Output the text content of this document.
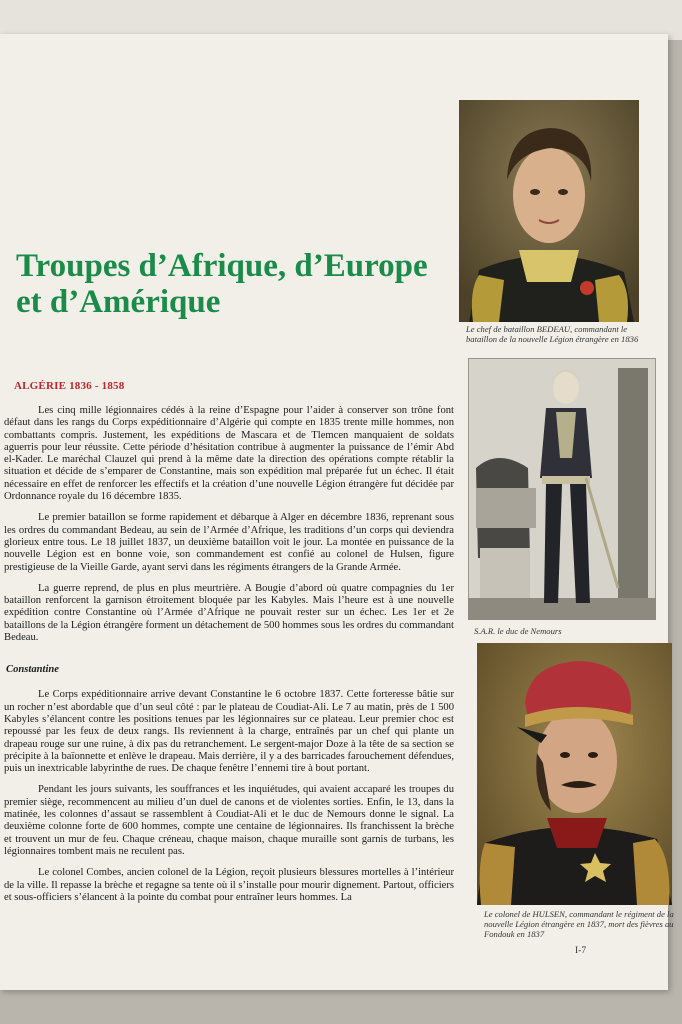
Troupes d’Afrique, d’Europe et d’Amérique
ALGÉRIE 1836 - 1858

Les cinq mille légionnaires cédés à la reine d’Espagne pour l’aider à conserver son trône font défaut dans les rangs du Corps expéditionnaire d’Algérie qui compte en 1835 trente mille hommes, non combattants compris. Justement, les expéditions de Mascara et de Tlemcen manquaient de soldats aguerris pour leur réussite. Cette période d’hésitation contribue à augmenter la puissance de l’émir Abd el-Kader. Le maréchal Clauzel qui prend à la même date la direction des opérations compte rétablir la situation et décide de s’emparer de Constantine, mais son expédition mal préparée fut un échec. Il était nécessaire en effet de renforcer les effectifs et la création d’une nouvelle Légion étrangère fut décidée par Ordonnance royale du 16 décembre 1835.

Le premier bataillon se forme rapidement et débarque à Alger en décembre 1836, reprenant sous les ordres du commandant Bedeau, au sein de l’Armée d’Afrique, les traditions d’un corps qui deviendra glorieux entre tous. Le 18 juillet 1837, un deuxième bataillon voit le jour. La montée en puissance de la nouvelle Légion est en bonne voie, son commandement est confié au colonel de Hulsen, figure prestigieuse de la Vieille Garde, ayant servi dans les régiments étrangers de la Grande Armée.

La guerre reprend, de plus en plus meurtrière. A Bougie d’abord où quatre compagnies du 1er bataillon renforcent la garnison étroitement bloquée par les Kabyles. Mais l’heure est à une nouvelle expédition contre Constantine où l’Armée d’Afrique ne pouvait rester sur un échec. Les 1er et 2e bataillons de la Légion étrangère forment un détachement de 500 hommes sous les ordres du commandant Bedeau.

Constantine

Le Corps expéditionnaire arrive devant Constantine le 6 octobre 1837. Cette forteresse bâtie sur un rocher n’est abordable que d’un seul côté : par le plateau de Coudiat-Ali. Le 7 au matin, près de 1 500 Kabyles s’élancent contre les positions tenues par les légionnaires sur ce plateau. Leur premier choc est repoussé par les feux de deux rangs. Ils reviennent à la charge, entraînés par un chef qui plante un drapeau rouge sur une ruine, à dix pas du retranchement. Le sergent-major Doze à la tête de sa section se précipite à la baïonnette et enlève le drapeau. Mais derrière, il y a des barricades farouchement défendues, puis un inextricable labyrinthe de rues. De chaque fenêtre l’ennemi tire à bout portant.

Pendant les jours suivants, les souffrances et les inquiétudes, qui avaient accaparé les troupes du premier siège, recommencent au milieu d’un duel de canons et de violentes sorties. Enfin, le 13, dans la matinée, les colonnes d’assaut se rassemblent à Coudiat-Ali et le duc de Nemours donne le signal. La deuxième colonne forte de 600 hommes, compte une centaine de légionnaires. Ils franchissent la brèche et trouvent un mur de feu. Chaque créneau, chaque maison, chaque muraille sont garnis de turbans, les légionnaires tombent mais ne reculent pas.

Le colonel Combes, ancien colonel de la Légion, reçoit plusieurs blessures mortelles à l’intérieur de la ville. Il repasse la brèche et regagne sa tente où il s’installe pour mourir dignement. Partout, officiers et sous-officiers s’élancent à la pointe du combat pour entraîner leurs hommes. La

Le chef de bataillon BEDEAU, commandant le bataillon de la nouvelle Légion étrangère en 1836
S.A.R. le duc de Nemours
Le colonel de HULSEN, commandant le régiment de la nouvelle Légion étrangère en 1837, mort des fièvres au Fondouk en 1837
I-7
